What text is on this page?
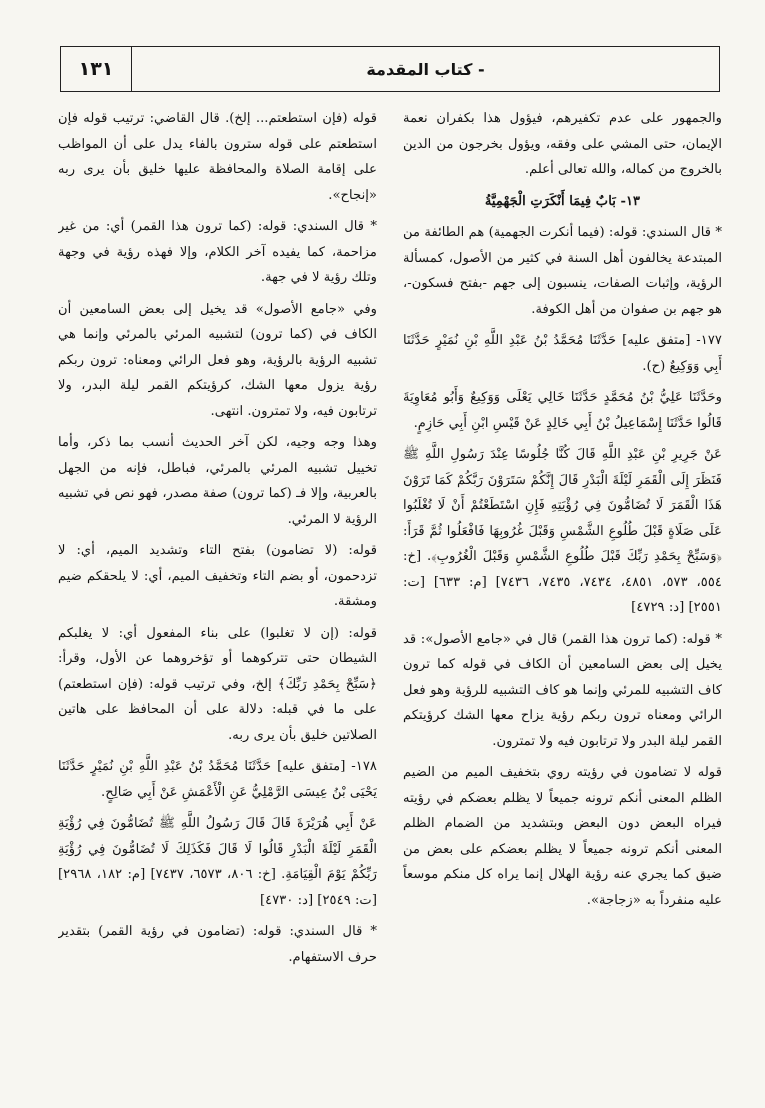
- كتاب المقدمة
١٣١

والجمهور على عدم تكفيرهم، فيؤول هذا بكفران نعمة الإيمان، حتى المشي على وفقه، ويؤول بخرجون من الدين بالخروج من كماله، والله تعالى أعلم.

١٣- بَابٌ فِيمَا أَنْكَرَتِ الْجَهْمِيَّةُ

* قال السندي: قوله: (فيما أنكرت الجهمية) هم الطائفة من المبتدعة يخالفون أهل السنة في كثير من الأصول، كمسألة الرؤية، وإثبات الصفات، ينسبون إلى جهم -بفتح فسكون-، هو جهم بن صفوان من أهل الكوفة.

١٧٧- [متفق عليه] حَدَّثَنَا مُحَمَّدُ بْنُ عَبْدِ اللَّهِ بْنِ نُمَيْرٍ حَدَّثَنَا أَبِي وَوَكِيعٌ (ح).

وحَدَّثَنَا عَلِيُّ بْنُ مُحَمَّدٍ حَدَّثَنَا خَالِي يَعْلَى وَوَكِيعٌ وَأَبُو مُعَاوِيَةَ قَالُوا حَدَّثَنَا إِسْمَاعِيلُ بْنُ أَبِي خَالِدٍ عَنْ قَيْسِ ابْنِ أَبِي حَازِمٍ.

عَنْ جَرِيرِ بْنِ عَبْدِ اللَّهِ قَالَ كُنَّا جُلُوسًا عِنْدَ رَسُولِ اللَّهِ ﷺ فَنَظَرَ إِلَى الْقَمَرِ لَيْلَةَ الْبَدْرِ قَالَ إِنَّكُمْ سَتَرَوْنَ رَبَّكُمْ كَمَا تَرَوْنَ هَذَا الْقَمَرَ لَا تُضَامُّونَ فِي رُؤْيَتِهِ فَإِنِ اسْتَطَعْتُمْ أَنْ لَا تُغْلَبُوا عَلَى صَلَاةٍ قَبْلَ طُلُوعِ الشَّمْسِ وَقَبْلَ غُرُوبِهَا فَافْعَلُوا ثُمَّ قَرَأَ: ﴿وَسَبِّحْ بِحَمْدِ رَبِّكَ قَبْلَ طُلُوعِ الشَّمْسِ وَقَبْلَ الْغُرُوبِ﴾. [خ: ٥٥٤، ٥٧٣، ٤٨٥١، ٧٤٣٤، ٧٤٣٥، ٧٤٣٦] [م: ٦٣٣] [ت: ٢٥٥١] [د: ٤٧٢٩]

* قوله: (كما ترون هذا القمر) قال في «جامع الأصول»: قد يخيل إلى بعض السامعين أن الكاف في قوله كما ترون كاف التشبيه للمرئي وإنما هو كاف التشبيه للرؤية وهو فعل الرائي ومعناه ترون ربكم رؤية يزاح معها الشك كرؤيتكم القمر ليلة البدر ولا ترتابون فيه ولا تمترون.

قوله لا تضامون في رؤيته روي بتخفيف الميم من الضيم الظلم المعنى أنكم ترونه جميعاً لا يظلم بعضكم في رؤيته فيراه البعض دون البعض وبتشديد من الضمام الظلم المعنى أنكم ترونه جميعاً لا يظلم بعضكم على بعض من ضيق كما يجري عنه رؤية الهلال إنما يراه كل منكم موسعاً عليه منفرداً به «زجاجة».

قوله (فإن استطعتم... إلخ). قال القاضي: ترتيب قوله فإن استطعتم على قوله سترون بالفاء يدل على أن المواظب على إقامة الصلاة والمحافظة عليها خليق بأن يرى ربه «إنجاح».

* قال السندي: قوله: (كما ترون هذا القمر) أي: من غير مزاحمة، كما يفيده آخر الكلام، وإلا فهذه رؤية في وجهة وتلك رؤية لا في جهة.

وفي «جامع الأصول» قد يخيل إلى بعض السامعين أن الكاف في (كما ترون) لتشبيه المرئي بالمرئي وإنما هي تشبيه الرؤية بالرؤية، وهو فعل الرائي ومعناه: ترون ربكم رؤية يزول معها الشك، كرؤيتكم القمر ليلة البدر، ولا ترتابون فيه، ولا تمترون. انتهى.

وهذا وجه وجيه، لكن آخر الحديث أنسب بما ذكر، وأما تخييل تشبيه المرئي بالمرئي، فباطل، فإنه من الجهل بالعربية، وإلا فـ (كما ترون) صفة مصدر، فهو نص في تشبيه الرؤية لا المرئي.

قوله: (لا تضامون) بفتح التاء وتشديد الميم، أي: لا تزدحمون، أو بضم التاء وتخفيف الميم، أي: لا يلحقكم ضيم ومشقة.

قوله: (إن لا تغلبوا) على بناء المفعول أي: لا يغلبكم الشيطان حتى تتركوهما أو تؤخروهما عن الأول، وقرأ: ﴿سَبِّحْ بِحَمْدِ رَبِّكَ﴾ إلخ، وفي ترتيب قوله: (فإن استطعتم) على ما في قبله: دلالة على أن المحافظ على هاتين الصلاتين خليق بأن يرى ربه.

١٧٨- [متفق عليه] حَدَّثَنَا مُحَمَّدُ بْنُ عَبْدِ اللَّهِ بْنِ نُمَيْرٍ حَدَّثَنَا يَحْيَى بْنُ عِيسَى الرَّمْلِيُّ عَنِ الْأَعْمَشِ عَنْ أَبِي صَالِحٍ.

عَنْ أَبِي هُرَيْرَةَ قَالَ قَالَ رَسُولُ اللَّهِ ﷺ تُضَامُّونَ فِي رُؤْيَةِ الْقَمَرِ لَيْلَةَ الْبَدْرِ قَالُوا لَا قَالَ فَكَذَلِكَ لَا تُضَامُّونَ فِي رُؤْيَةِ رَبِّكُمْ يَوْمَ الْقِيَامَةِ. [خ: ٨٠٦، ٦٥٧٣، ٧٤٣٧] [م: ١٨٢، ٢٩٦٨] [ت: ٢٥٤٩] [د: ٤٧٣٠]

* قال السندي: قوله: (تضامون في رؤية القمر) بتقدير حرف الاستفهام.
